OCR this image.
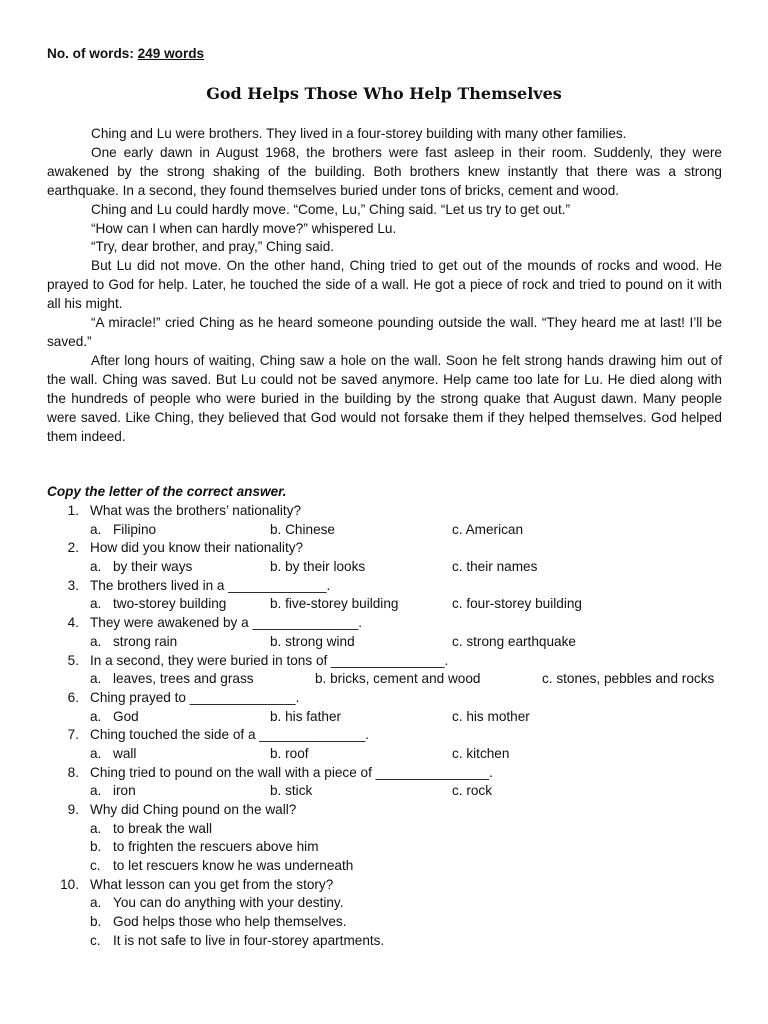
No. of words: 249 words
God Helps Those Who Help Themselves

Ching and Lu were brothers. They lived in a four-storey building with many other families.

One early dawn in August 1968, the brothers were fast asleep in their room. Suddenly, they were awakened by the strong shaking of the building. Both brothers knew instantly that there was a strong earthquake. In a second, they found themselves buried under tons of bricks, cement and wood.

Ching and Lu could hardly move. “Come, Lu,” Ching said. “Let us try to get out.”

“How can I when can hardly move?” whispered Lu.

“Try, dear brother, and pray,” Ching said.

But Lu did not move. On the other hand, Ching tried to get out of the mounds of rocks and wood. He prayed to God for help. Later, he touched the side of a wall. He got a piece of rock and tried to pound on it with all his might.

“A miracle!” cried Ching as he heard someone pounding outside the wall. “They heard me at last! I’ll be saved.”

After long hours of waiting, Ching saw a hole on the wall. Soon he felt strong hands drawing him out of the wall. Ching was saved. But Lu could not be saved anymore. Help came too late for Lu. He died along with the hundreds of people who were buried in the building by the strong quake that August dawn. Many people were saved. Like Ching, they believed that God would not forsake them if they helped themselves. God helped them indeed.

Copy the letter of the correct answer.
1. What was the brothers’ nationality?
a. Filipino	b. Chinese	c. American
2. How did you know their nationality?
a. by their ways	b. by their looks	c. their names
3. The brothers lived in a _____________.
a. two-storey building	b. five-storey building	c. four-storey building
4. They were awakened by a ______________.
a. strong rain	b. strong wind	c. strong earthquake
5. In a second, they were buried in tons of _______________.
a. leaves, trees and grass	b. bricks, cement and wood	c. stones, pebbles and rocks
6. Ching prayed to ______________.
a. God	b. his father	c. his mother
7. Ching touched the side of a ______________.
a. wall	b. roof	c. kitchen
8. Ching tried to pound on the wall with a piece of _______________.
a. iron	b. stick	c. rock
9. Why did Ching pound on the wall?
a. to break the wall
b. to frighten the rescuers above him
c. to let rescuers know he was underneath
10. What lesson can you get from the story?
a. You can do anything with your destiny.
b. God helps those who help themselves.
c. It is not safe to live in four-storey apartments.
